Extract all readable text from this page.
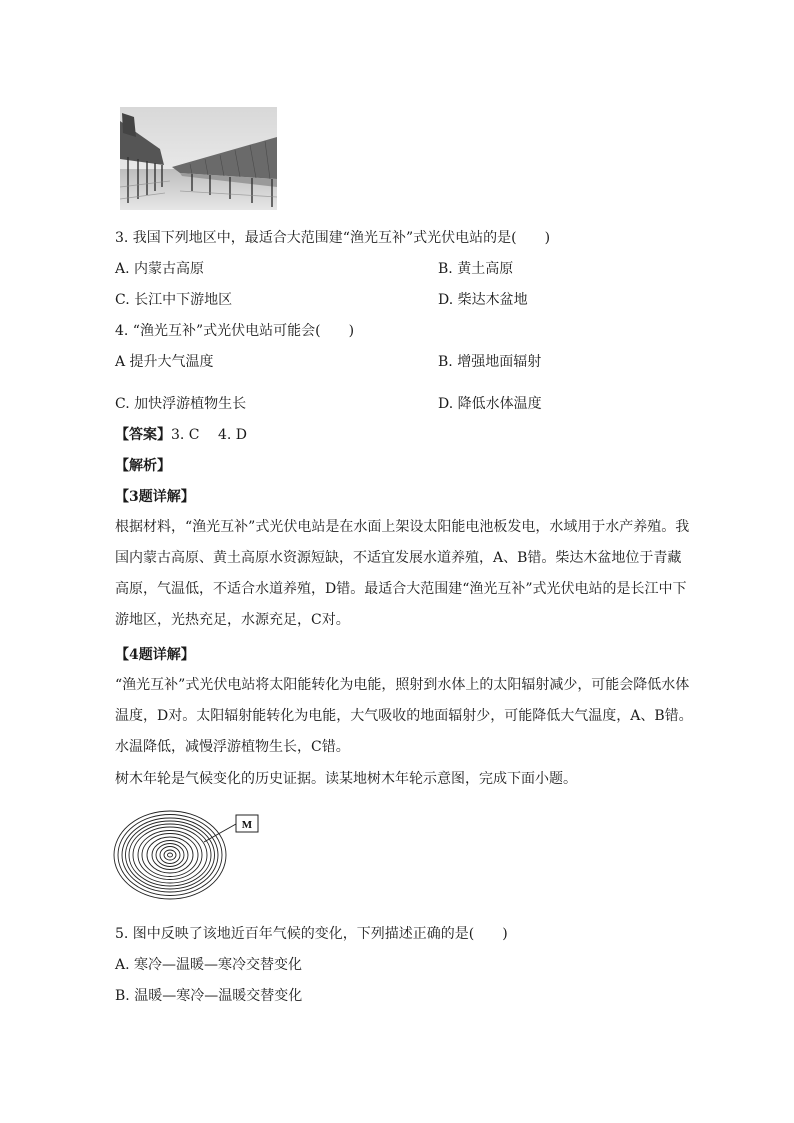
3. 我国下列地区中，最适合大范围建“渔光互补”式光伏电站的是(　　)
A. 内蒙古高原	B. 黄土高原
C. 长江中下游地区	D. 柴达木盆地
4. “渔光互补”式光伏电站可能会(　　)
A 提升大气温度	B. 增强地面辐射
C. 加快浮游植物生长	D. 降低水体温度
【答案】3. C　 4. D
【解析】
【3题详解】
根据材料，“渔光互补”式光伏电站是在水面上架设太阳能电池板发电，水域用于水产养殖。我国内蒙古高原、黄土高原水资源短缺，不适宜发展水道养殖，A、B错。柴达木盆地位于青藏高原，气温低，不适合水道养殖，D错。最适合大范围建“渔光互补”式光伏电站的是长江中下游地区，光热充足，水源充足，C对。
【4题详解】
“渔光互补”式光伏电站将太阳能转化为电能，照射到水体上的太阳辐射减少，可能会降低水体温度，D对。太阳辐射能转化为电能，大气吸收的地面辐射少，可能降低大气温度，A、B错。水温降低，减慢浮游植物生长，C错。
树木年轮是气候变化的历史证据。读某地树木年轮示意图，完成下面小题。
M
5. 图中反映了该地近百年气候的变化，下列描述正确的是(　　)
A. 寒冷—温暖—寒冷交替变化
B. 温暖—寒冷—温暖交替变化
